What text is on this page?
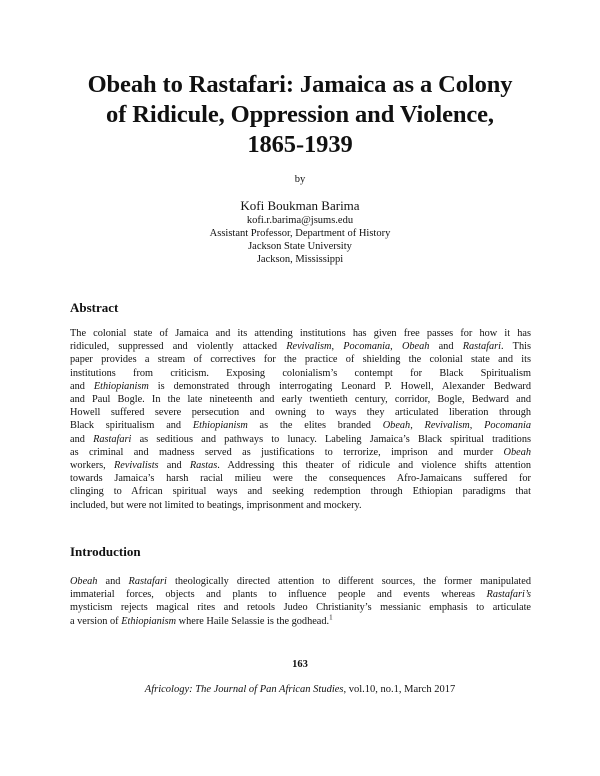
Obeah to Rastafari: Jamaica as a Colony
of Ridicule, Oppression and Violence,
1865-1939
by
Kofi Boukman Barima
kofi.r.barima@jsums.edu
Assistant Professor, Department of History
Jackson State University
Jackson, Mississippi
Abstract

The colonial state of Jamaica and its attending institutions has given free passes for how it has
ridiculed, suppressed and violently attacked Revivalism, Pocomania, Obeah and Rastafari. This
paper provides a stream of correctives for the practice of shielding the colonial state and its
institutions from criticism. Exposing colonialism’s contempt for Black Spiritualism
and Ethiopianism is demonstrated through interrogating Leonard P. Howell, Alexander Bedward
and Paul Bogle. In the late nineteenth and early twentieth century, corridor, Bogle, Bedward and
Howell suffered severe persecution and owning to ways they articulated liberation through
Black spiritualism and Ethiopianism as the elites branded Obeah, Revivalism, Pocomania
and Rastafari as seditious and pathways to lunacy. Labeling Jamaica’s Black spiritual traditions
as criminal and madness served as justifications to terrorize, imprison and murder Obeah
workers, Revivalists and Rastas. Addressing this theater of ridicule and violence shifts attention
towards Jamaica’s harsh racial milieu were the consequences Afro-Jamaicans suffered for
clinging to African spiritual ways and seeking redemption through Ethiopian paradigms that
included, but were not limited to beatings, imprisonment and mockery.

Introduction

Obeah and Rastafari theologically directed attention to different sources, the former manipulated
immaterial forces, objects and plants to influence people and events whereas Rastafari’s
mysticism rejects magical rites and retools Judeo Christianity’s messianic emphasis to articulate
a version of Ethiopianism where Haile Selassie is the godhead.$^1$

163
Africology: The Journal of Pan African Studies, vol.10, no.1, March 2017
